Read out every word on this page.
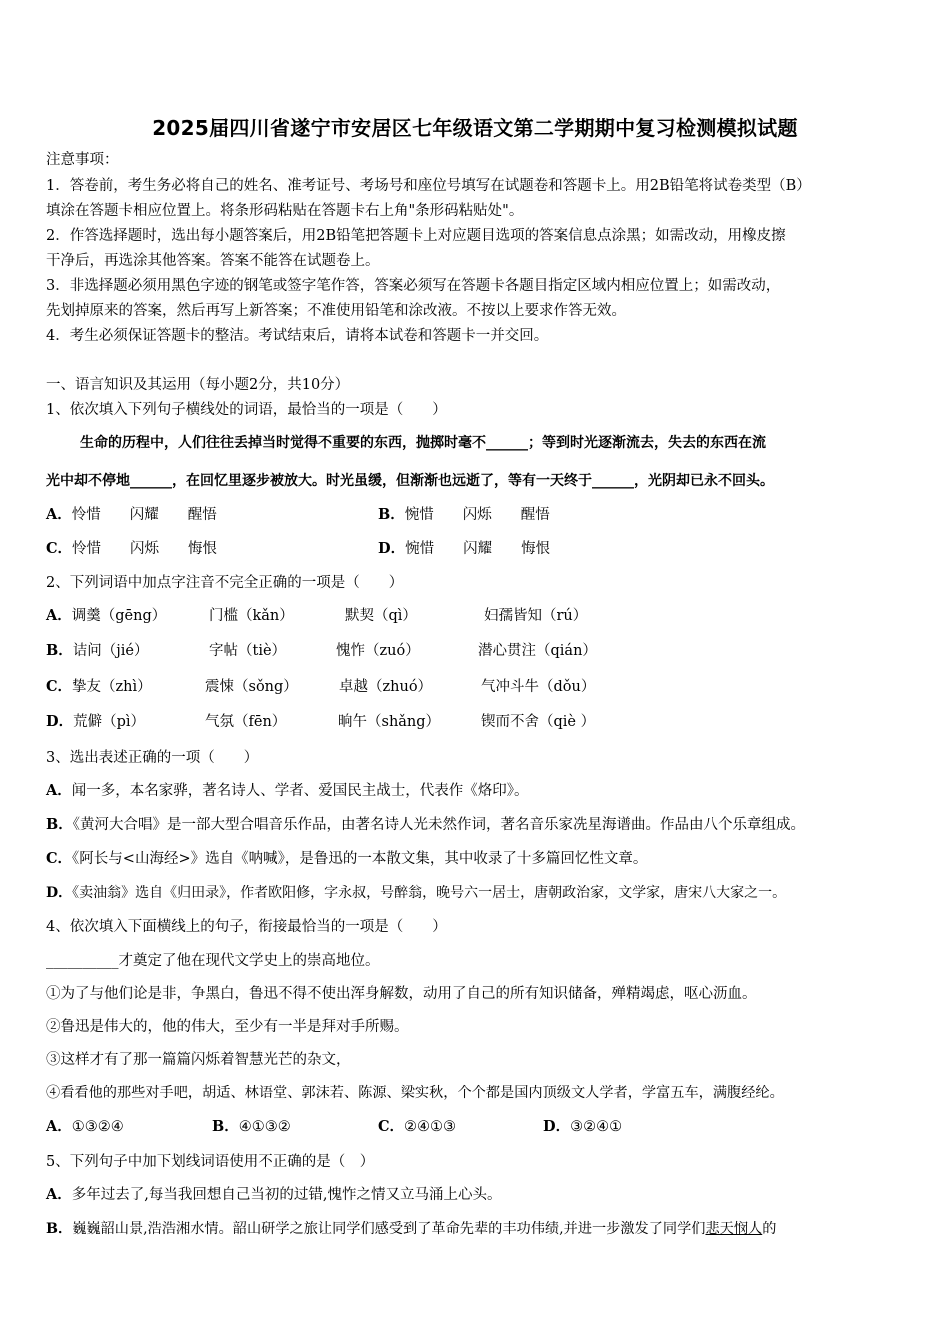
2025届四川省遂宁市安居区七年级语文第二学期期中复习检测模拟试题
注意事项：
1．答卷前，考生务必将自己的姓名、准考证号、考场号和座位号填写在试题卷和答题卡上。用2B铅笔将试卷类型（B）
填涂在答题卡相应位置上。将条形码粘贴在答题卡右上角"条形码粘贴处"。
2．作答选择题时，选出每小题答案后，用2B铅笔把答题卡上对应题目选项的答案信息点涂黑；如需改动，用橡皮擦
干净后，再选涂其他答案。答案不能答在试题卷上。
3．非选择题必须用黑色字迹的钢笔或签字笔作答，答案必须写在答题卡各题目指定区域内相应位置上；如需改动，
先划掉原来的答案，然后再写上新答案；不准使用铅笔和涂改液。不按以上要求作答无效。
4．考生必须保证答题卡的整洁。考试结束后，请将本试卷和答题卡一并交回。
一、语言知识及其运用（每小题2分，共10分）
1、依次填入下列句子横线处的词语，最恰当的一项是（　　）
生命的历程中，人们往往丢掉当时觉得不重要的东西，抛掷时毫不______；等到时光逐渐流去，失去的东西在流
光中却不停地______，在回忆里逐步被放大。时光虽缓，但渐渐也远逝了，等有一天终于______，光阴却已永不回头。
A．怜惜　　闪耀　　醒悟	B．惋惜　　闪烁　　醒悟
C．怜惜　　闪烁　　悔恨	D．惋惜　　闪耀　　悔恨
2、下列词语中加点字注音不完全正确的一项是（　　）
A．调羹（gēng）	门槛（kǎn）	默契（qì）	妇孺皆知（rú）
B．诘问（jié）	字帖（tiè）	愧怍（zuó）	潜心贯注（qián）
C．挚友（zhì）	震悚（sǒng）	卓越（zhuó）	气冲斗牛（dǒu）
D．荒僻（pì）	气氛（fēn）	晌午（shǎng）	锲而不舍（qiè ）
3、选出表述正确的一项（　　）
A．闻一多，本名家骅，著名诗人、学者、爱国民主战士，代表作《烙印》。
B．《黄河大合唱》是一部大型合唱音乐作品，由著名诗人光未然作词，著名音乐家冼星海谱曲。作品由八个乐章组成。
C．《阿长与<山海经>》选自《呐喊》，是鲁迅的一本散文集，其中收录了十多篇回忆性文章。
D．《卖油翁》选自《归田录》，作者欧阳修，字永叔，号醉翁，晚号六一居士，唐朝政治家，文学家，唐宋八大家之一。
4、依次填入下面横线上的句子，衔接最恰当的一项是（　　）
__________才奠定了他在现代文学史上的崇高地位。
①为了与他们论是非，争黑白，鲁迅不得不使出浑身解数，动用了自己的所有知识储备，殚精竭虑，呕心沥血。
②鲁迅是伟大的，他的伟大，至少有一半是拜对手所赐。
③这样才有了那一篇篇闪烁着智慧光芒的杂文，
④看看他的那些对手吧，胡适、林语堂、郭沫若、陈源、梁实秋，个个都是国内顶级文人学者，学富五车，满腹经纶。
A．①③②④	B．④①③②	C．②④①③	D．③②④①
5、下列句子中加下划线词语使用不正确的是（　）
A．多年过去了,每当我回想自己当初的过错,愧怍之情又立马涌上心头。
B．巍巍韶山景,浩浩湘水情。韶山研学之旅让同学们感受到了革命先辈的丰功伟绩,并进一步激发了同学们悲天悯人的
